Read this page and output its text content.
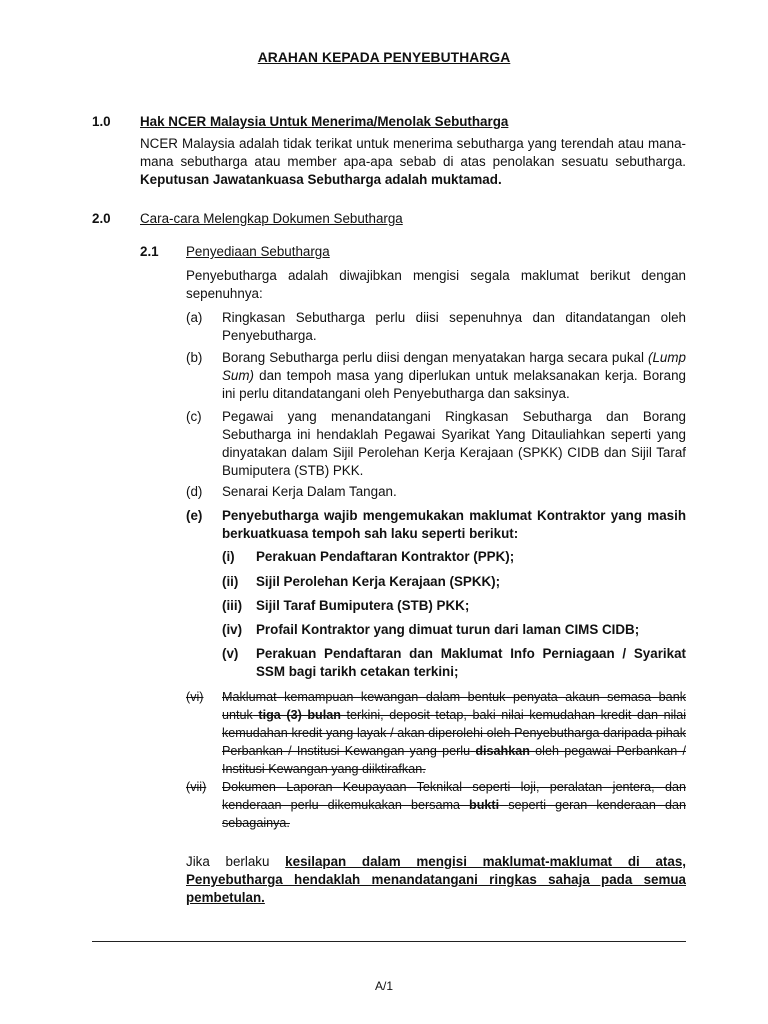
ARAHAN KEPADA PENYEBUTHARGA
1.0 Hak NCER Malaysia Untuk Menerima/Menolak Sebutharga
NCER Malaysia adalah tidak terikat untuk menerima sebutharga yang terendah atau mana-mana sebutharga atau member apa-apa sebab di atas penolakan sesuatu sebutharga. Keputusan Jawatankuasa Sebutharga adalah muktamad.
2.0 Cara-cara Melengkap Dokumen Sebutharga
2.1 Penyediaan Sebutharga
Penyebutharga adalah diwajibkan mengisi segala maklumat berikut dengan sepenuhnya:
(a) Ringkasan Sebutharga perlu diisi sepenuhnya dan ditandatangan oleh Penyebutharga.
(b) Borang Sebutharga perlu diisi dengan menyatakan harga secara pukal (Lump Sum) dan tempoh masa yang diperlukan untuk melaksanakan kerja. Borang ini perlu ditandatangani oleh Penyebutharga dan saksinya.
(c) Pegawai yang menandatangani Ringkasan Sebutharga dan Borang Sebutharga ini hendaklah Pegawai Syarikat Yang Ditauliahkan seperti yang dinyatakan dalam Sijil Perolehan Kerja Kerajaan (SPKK) CIDB dan Sijil Taraf Bumiputera (STB) PKK.
(d) Senarai Kerja Dalam Tangan.
(e) Penyebutharga wajib mengemukakan maklumat Kontraktor yang masih berkuatkuasa tempoh sah laku seperti berikut:
(i) Perakuan Pendaftaran Kontraktor (PPK);
(ii) Sijil Perolehan Kerja Kerajaan (SPKK);
(iii) Sijil Taraf Bumiputera (STB) PKK;
(iv) Profail Kontraktor yang dimuat turun dari laman CIMS CIDB;
(v) Perakuan Pendaftaran dan Maklumat Info Perniagaan / Syarikat SSM bagi tarikh cetakan terkini;
(vi) Maklumat kemampuan kewangan dalam bentuk penyata akaun semasa bank untuk tiga (3) bulan terkini, deposit tetap, baki nilai kemudahan kredit dan nilai kemudahan kredit yang layak / akan diperolehi oleh Penyebutharga daripada pihak Perbankan / Institusi Kewangan yang perlu disahkan oleh pegawai Perbankan / Institusi Kewangan yang diiktirafkan.
(vii) Dokumen Laporan Keupayaan Teknikal seperti loji, peralatan jentera, dan kenderaan perlu dikemukakan bersama bukti seperti geran kenderaan dan sebagainya.
Jika berlaku kesilapan dalam mengisi maklumat-maklumat di atas, Penyebutharga hendaklah menandatangani ringkas sahaja pada semua pembetulan.
A/1
